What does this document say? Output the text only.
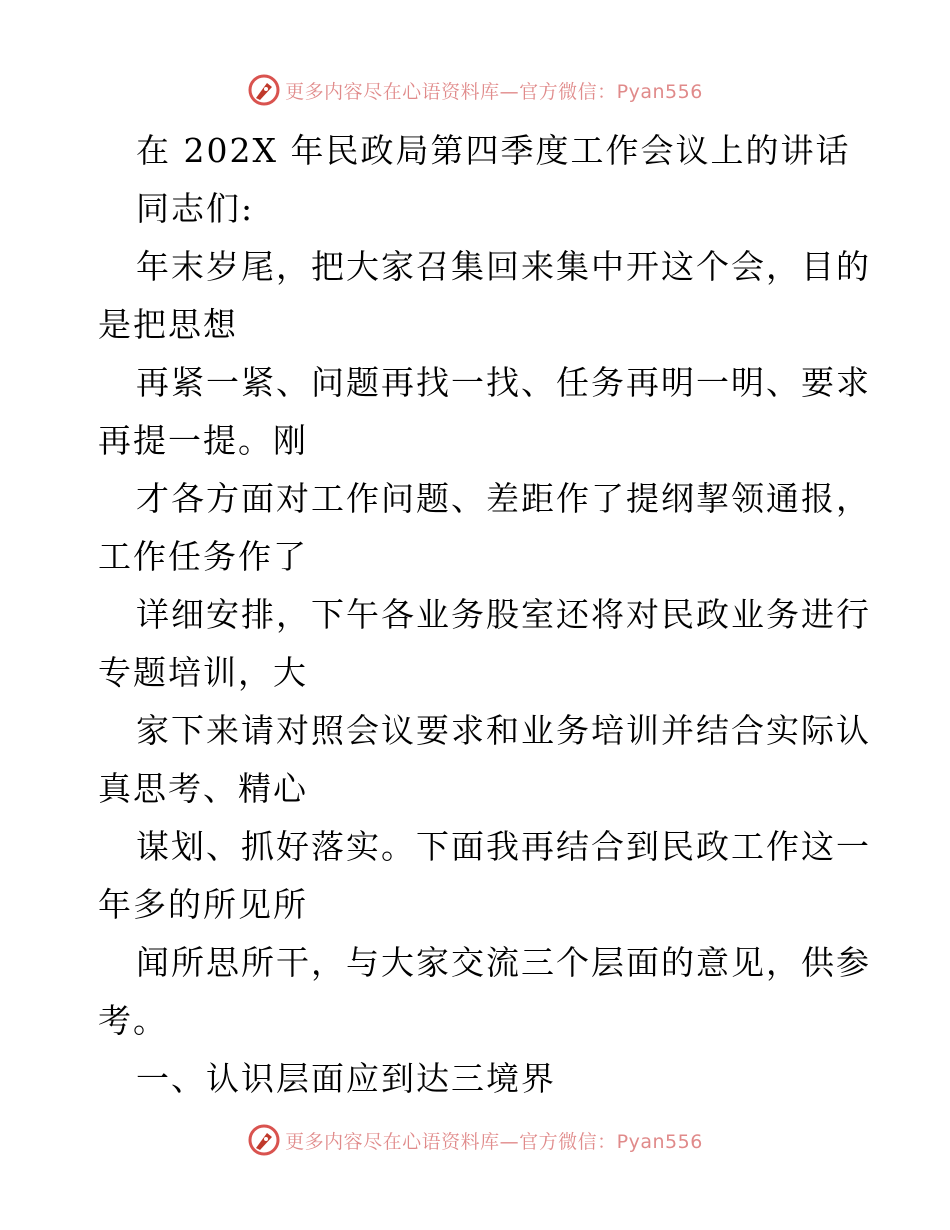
更多内容尽在心语资料库—官方微信：Pyan556
在 202X 年民政局第四季度工作会议上的讲话
同志们:
年末岁尾，把大家召集回来集中开这个会，目的
是把思想
再紧一紧、问题再找一找、任务再明一明、要求
再提一提。刚
才各方面对工作问题、差距作了提纲挈领通报，
工作任务作了
详细安排，下午各业务股室还将对民政业务进行
专题培训，大
家下来请对照会议要求和业务培训并结合实际认
真思考、精心
谋划、抓好落实。下面我再结合到民政工作这一
年多的所见所
闻所思所干，与大家交流三个层面的意见，供参
考。
一、认识层面应到达三境界
更多内容尽在心语资料库—官方微信：Pyan556
